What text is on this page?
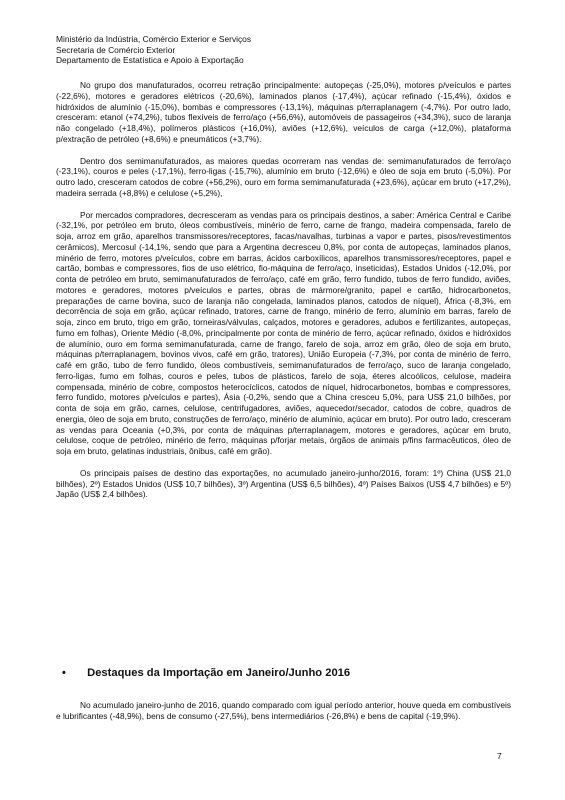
Ministério da Indústria, Comércio Exterior e Serviços
Secretaria de Comércio Exterior
Departamento de Estatística e Apoio à Exportação

No grupo dos manufaturados, ocorreu retração principalmente: autopeças (-25,0%), motores p/veículos e partes (-22,6%), motores e geradores elétricos (-20,6%), laminados planos (-17,4%), açúcar refinado (-15,4%), óxidos e hidróxidos de alumínio (-15,0%), bombas e compressores (-13,1%), máquinas p/terraplanagem (-4,7%). Por outro lado, cresceram: etanol (+74,2%), tubos flexíveis de ferro/aço (+56,6%), automóveis de passageiros (+34,3%), suco de laranja não congelado (+18,4%), polímeros plásticos (+16,0%), aviões (+12,6%), veículos de carga (+12,0%), plataforma p/extração de petróleo (+8,6%) e pneumáticos (+3,7%).

Dentro dos semimanufaturados, as maiores quedas ocorreram nas vendas de: semimanufaturados de ferro/aço (-23,1%), couros e peles (-17,1%), ferro-ligas (-15,7%), alumínio em bruto (-12,6%) e óleo de soja em bruto (-5,0%). Por outro lado, cresceram catodos de cobre (+56,2%), ouro em forma semimanufaturada (+23,6%), açúcar em bruto (+17,2%), madeira serrada (+8,8%) e celulose (+5,2%),

Por mercados compradores, decresceram as vendas para os principais destinos, a saber: América Central e Caribe (-32,1%, por petróleo em bruto, óleos combustíveis, minério de ferro, carne de frango, madeira compensada, farelo de soja, arroz em grão, aparelhos transmissores/receptores, facas/navalhas, turbinas a vapor e partes, pisos/revestimentos cerâmicos), Mercosul (-14,1%, sendo que para a Argentina decresceu 0,8%, por conta de autopeças, laminados planos, minério de ferro, motores p/veículos, cobre em barras, ácidos carboxílicos, aparelhos transmissores/receptores, papel e cartão, bombas e compressores, fios de uso elétrico, fio-máquina de ferro/aço, inseticidas), Estados Unidos (-12,0%, por conta de petróleo em bruto, semimanufaturados de ferro/aço, café em grão, ferro fundido, tubos de ferro fundido, aviões, motores e geradores, motores p/veículos e partes, obras de mármore/granito, papel e cartão, hidrocarbonetos, preparações de carne bovina, suco de laranja não congelada, laminados planos, catodos de níquel), África (-8,3%, em decorrência de soja em grão, açúcar refinado, tratores, carne de frango, minério de ferro, alumínio em barras, farelo de soja, zinco em bruto, trigo em grão, torneiras/válvulas, calçados, motores e geradores, adubos e fertilizantes, autopeças, fumo em folhas), Oriente Médio (-8,0%, principalmente por conta de minério de ferro, açúcar refinado, óxidos e hidróxidos de alumínio, ouro em forma semimanufaturada, carne de frango, farelo de soja, arroz em grão, óleo de soja em bruto, máquinas p/terraplanagem, bovinos vivos, café em grão, tratores), União Europeia (-7,3%, por conta de minério de ferro, café em grão, tubo de ferro fundido, óleos combustíveis, semimanufaturados de ferro/aço, suco de laranja congelado, ferro-ligas, fumo em folhas, couros e peles, tubos de plásticos, farelo de soja, éteres alcoólicos, celulose, madeira compensada, minério de cobre, compostos heterocíclicos, catodos de níquel, hidrocarbonetos, bombas e compressores, ferro fundido, motores p/veículos e partes), Ásia (-0,2%, sendo que a China cresceu 5,0%, para US$ 21,0 bilhões, por conta de soja em grão, carnes, celulose, centrifugadores, aviões, aquecedor/secador, catodos de cobre, quadros de energia, óleo de soja em bruto, construções de ferro/aço, minério de alumínio, açúcar em bruto). Por outro lado, cresceram as vendas para Oceania (+0,3%, por conta de máquinas p/terraplanagem, motores e geradores, açúcar em bruto, celulose, coque de petróleo, minério de ferro, máquinas p/forjar metais, órgãos de animais p/fins farmacêuticos, óleo de soja em bruto, gelatinas industriais, ônibus, café em grão).

Os principais países de destino das exportações, no acumulado janeiro-junho/2016, foram: 1º) China (US$ 21,0 bilhões), 2º) Estados Unidos (US$ 10,7 bilhões), 3º) Argentina (US$ 6,5 bilhões), 4º) Países Baixos (US$ 4,7 bilhões) e 5º) Japão (US$ 2,4 bilhões).

• Destaques da Importação em Janeiro/Junho 2016

No acumulado janeiro-junho de 2016, quando comparado com igual período anterior, houve queda em combustíveis e lubrificantes (-48,9%), bens de consumo (-27,5%), bens intermediários (-26,8%) e bens de capital (-19,9%).

7
